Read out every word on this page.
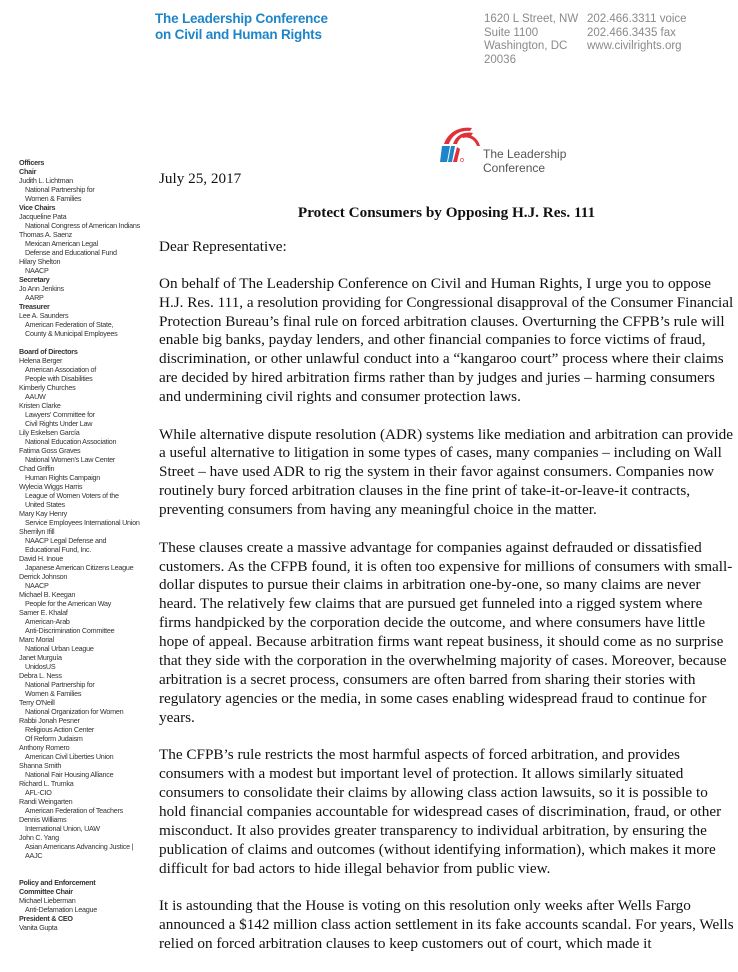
The Leadership Conference
on Civil and Human Rights
1620 L Street, NW
Suite 1100
Washington, DC
20036
202.466.3311 voice
202.466.3435 fax
www.civilrights.org
The Leadership
Conference
Officers
Chair
Judith L. Lichtman
National Partnership for
Women & Families
Vice Chairs
Jacqueline Pata
National Congress of American Indians
Thomas A. Saenz
Mexican American Legal
Defense and Educational Fund
Hilary Shelton
NAACP
Secretary
Jo Ann Jenkins
AARP
Treasurer
Lee A. Saunders
American Federation of State,
County & Municipal Employees
Board of Directors
Helena Berger
American Association of
People with Disabilities
Kimberly Churches
AAUW
Kristen Clarke
Lawyers' Committee for
Civil Rights Under Law
Lily Eskelsen García
National Education Association
Fatima Goss Graves
National Women's Law Center
Chad Griffin
Human Rights Campaign
Wylecia Wiggs Harris
League of Women Voters of the
United States
Mary Kay Henry
Service Employees International Union
Sherrilyn Ifill
NAACP Legal Defense and
Educational Fund, Inc.
David H. Inoue
Japanese American Citizens League
Derrick Johnson
NAACP
Michael B. Keegan
People for the American Way
Samer E. Khalaf
American-Arab
Anti-Discrimination Committee
Marc Morial
National Urban League
Janet Murguía
UnidosUS
Debra L. Ness
National Partnership for
Women & Families
Terry O'Neill
National Organization for Women
Rabbi Jonah Pesner
Religious Action Center
Of Reform Judaism
Anthony Romero
American Civil Liberties Union
Shanna Smith
National Fair Housing Alliance
Richard L. Trumka
AFL-CIO
Randi Weingarten
American Federation of Teachers
Dennis Williams
International Union, UAW
John C. Yang
Asian Americans Advancing Justice |
AAJC
Policy and Enforcement
Committee Chair
Michael Lieberman
Anti-Defamation League
President & CEO
Vanita Gupta
July 25, 2017
Protect Consumers by Opposing H.J. Res. 111
Dear Representative:

On behalf of The Leadership Conference on Civil and Human Rights, I urge you to oppose H.J. Res. 111, a resolution providing for Congressional disapproval of the Consumer Financial Protection Bureau’s final rule on forced arbitration clauses. Overturning the CFPB’s rule will enable big banks, payday lenders, and other financial companies to force victims of fraud, discrimination, or other unlawful conduct into a “kangaroo court” process where their claims are decided by hired arbitration firms rather than by judges and juries – harming consumers and undermining civil rights and consumer protection laws.

While alternative dispute resolution (ADR) systems like mediation and arbitration can provide a useful alternative to litigation in some types of cases, many companies – including on Wall Street – have used ADR to rig the system in their favor against consumers. Companies now routinely bury forced arbitration clauses in the fine print of take-it-or-leave-it contracts, preventing consumers from having any meaningful choice in the matter.

These clauses create a massive advantage for companies against defrauded or dissatisfied customers. As the CFPB found, it is often too expensive for millions of consumers with small-dollar disputes to pursue their claims in arbitration one-by-one, so many claims are never heard. The relatively few claims that are pursued get funneled into a rigged system where firms handpicked by the corporation decide the outcome, and where consumers have little hope of appeal. Because arbitration firms want repeat business, it should come as no surprise that they side with the corporation in the overwhelming majority of cases. Moreover, because arbitration is a secret process, consumers are often barred from sharing their stories with regulatory agencies or the media, in some cases enabling widespread fraud to continue for years.

The CFPB’s rule restricts the most harmful aspects of forced arbitration, and provides consumers with a modest but important level of protection. It allows similarly situated consumers to consolidate their claims by allowing class action lawsuits, so it is possible to hold financial companies accountable for widespread cases of discrimination, fraud, or other misconduct. It also provides greater transparency to individual arbitration, by ensuring the publication of claims and outcomes (without identifying information), which makes it more difficult for bad actors to hide illegal behavior from public view.

It is astounding that the House is voting on this resolution only weeks after Wells Fargo announced a $142 million class action settlement in its fake accounts scandal. For years, Wells relied on forced arbitration clauses to keep customers out of court, which made it
